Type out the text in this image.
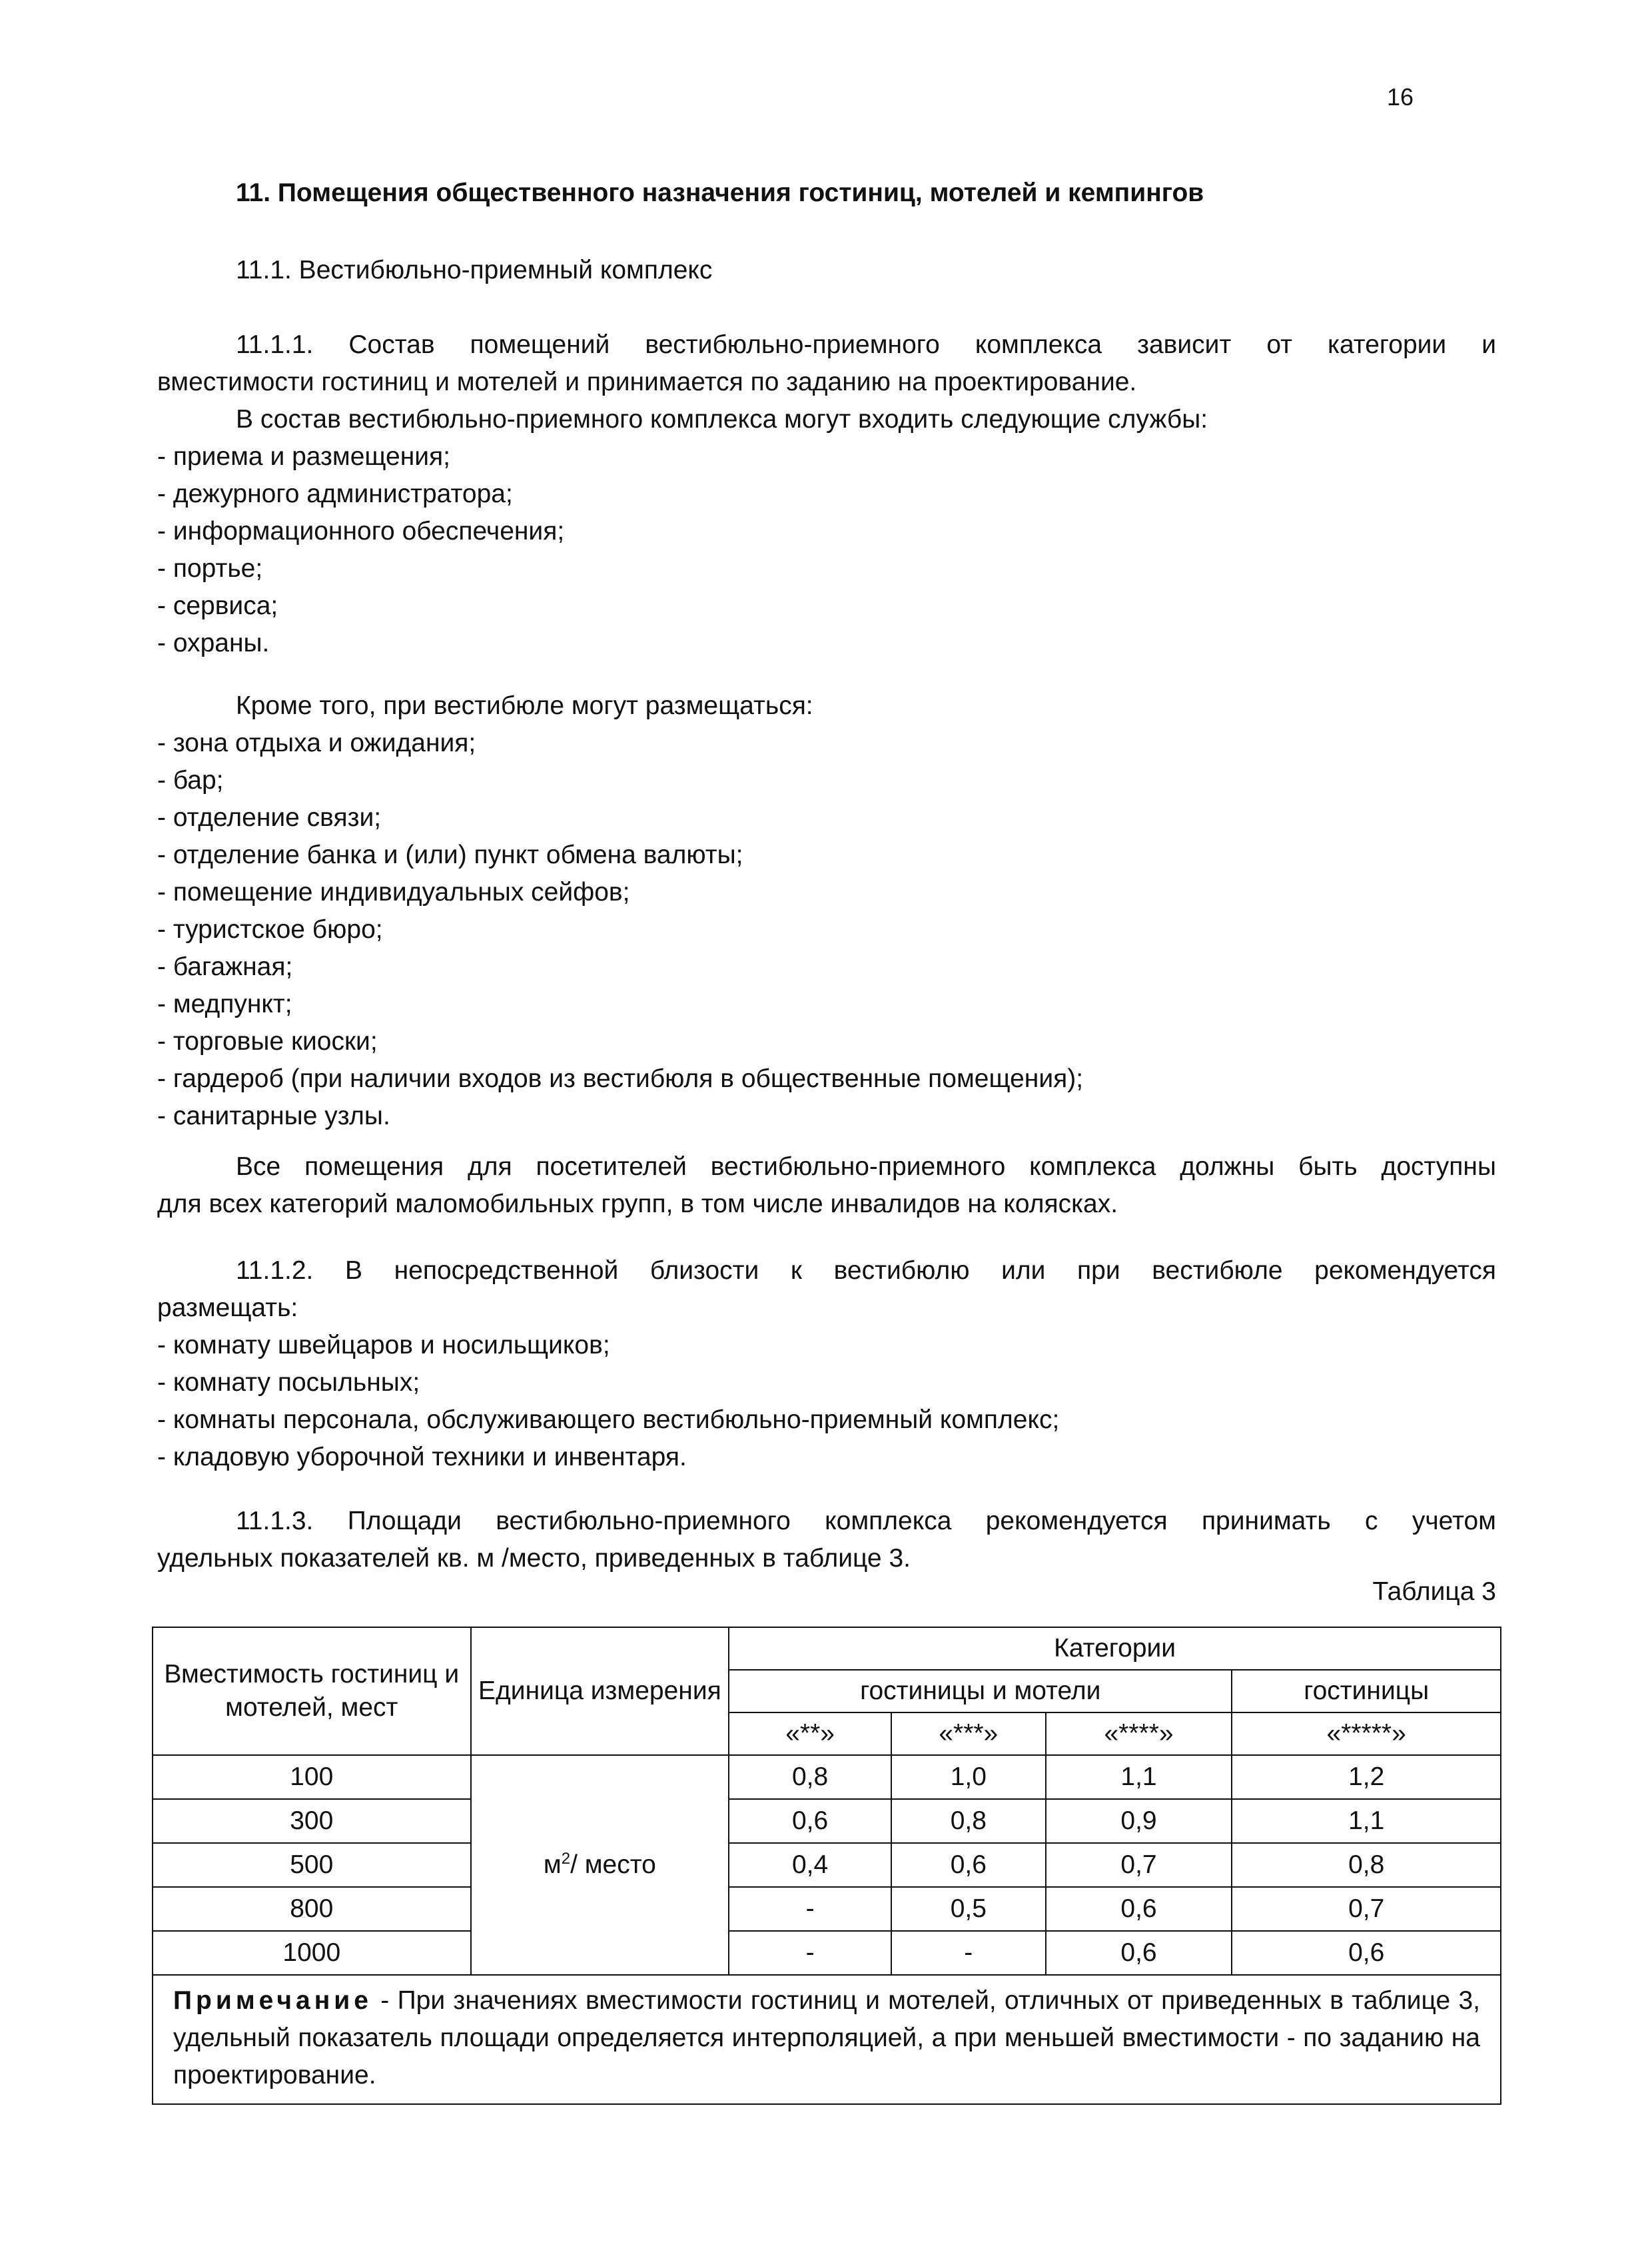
16
11. Помещения общественного назначения гостиниц, мотелей и кемпингов
11.1. Вестибюльно-приемный комплекс
11.1.1. Состав помещений вестибюльно-приемного комплекса зависит от категории и
вместимости гостиниц и мотелей и принимается по заданию на проектирование.
В состав вестибюльно-приемного комплекса могут входить следующие службы:
- приема и размещения;
- дежурного администратора;
- информационного обеспечения;
- портье;
- сервиса;
- охраны.
Кроме того, при вестибюле могут размещаться:
- зона отдыха и ожидания;
- бар;
- отделение связи;
- отделение банка и (или) пункт обмена валюты;
- помещение индивидуальных сейфов;
- туристское бюро;
- багажная;
- медпункт;
- торговые киоски;
- гардероб (при наличии входов из вестибюля в общественные помещения);
- санитарные узлы.
Все помещения для посетителей вестибюльно-приемного комплекса должны быть доступны
для всех категорий маломобильных групп, в том числе инвалидов на колясках.
11.1.2. В непосредственной близости к вестибюлю или при вестибюле рекомендуется
размещать:
- комнату швейцаров и носильщиков;
- комнату посыльных;
- комнаты персонала, обслуживающего вестибюльно-приемный комплекс;
- кладовую уборочной техники и инвентаря.
11.1.3. Площади вестибюльно-приемного комплекса рекомендуется принимать с учетом
удельных показателей кв. м /место, приведенных в таблице 3.
Таблица 3
Вместимость гостиниц и мотелей, мест	Единица измерения	Категории			
		гостиницы и мотели			гостиницы
		«**»	«***»	«****»	«*****»
100	$м^2/$ место	0,8	1,0	1,1	1,2
300		0,6	0,8	0,9	1,1
500		0,4	0,6	0,7	0,8
800		-	0,5	0,6	0,7
1000		-	-	0,6	0,6
Примечание - При значениях вместимости гостиниц и мотелей, отличных от приведенных в таблице 3, удельный показатель площади определяется интерполяцией, а при меньшей вместимости - по заданию на проектирование.					
